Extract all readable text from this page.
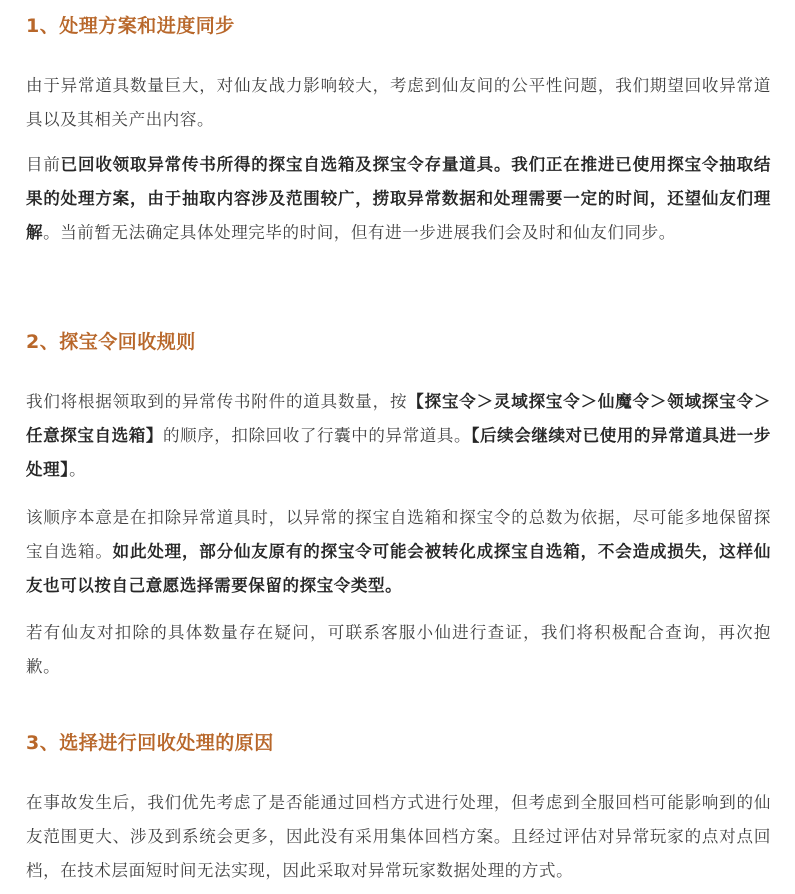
1、处理方案和进度同步

由于异常道具数量巨大，对仙友战力影响较大，考虑到仙友间的公平性问题，我们期望回收异常道具以及其相关产出内容。

目前已回收领取异常传书所得的探宝自选箱及探宝令存量道具。我们正在推进已使用探宝令抽取结果的处理方案，由于抽取内容涉及范围较广，捞取异常数据和处理需要一定的时间，还望仙友们理解。当前暂无法确定具体处理完毕的时间，但有进一步进展我们会及时和仙友们同步。

2、探宝令回收规则

我们将根据领取到的异常传书附件的道具数量，按【探宝令＞灵域探宝令＞仙魔令＞领域探宝令＞任意探宝自选箱】的顺序，扣除回收了行囊中的异常道具。【后续会继续对已使用的异常道具进一步处理】。

该顺序本意是在扣除异常道具时，以异常的探宝自选箱和探宝令的总数为依据，尽可能多地保留探宝自选箱。如此处理，部分仙友原有的探宝令可能会被转化成探宝自选箱，不会造成损失，这样仙友也可以按自己意愿选择需要保留的探宝令类型。

若有仙友对扣除的具体数量存在疑问，可联系客服小仙进行查证，我们将积极配合查询，再次抱歉。

3、选择进行回收处理的原因

在事故发生后，我们优先考虑了是否能通过回档方式进行处理，但考虑到全服回档可能影响到的仙友范围更大、涉及到系统会更多，因此没有采用集体回档方案。且经过评估对异常玩家的点对点回档，在技术层面短时间无法实现，因此采取对异常玩家数据处理的方式。
